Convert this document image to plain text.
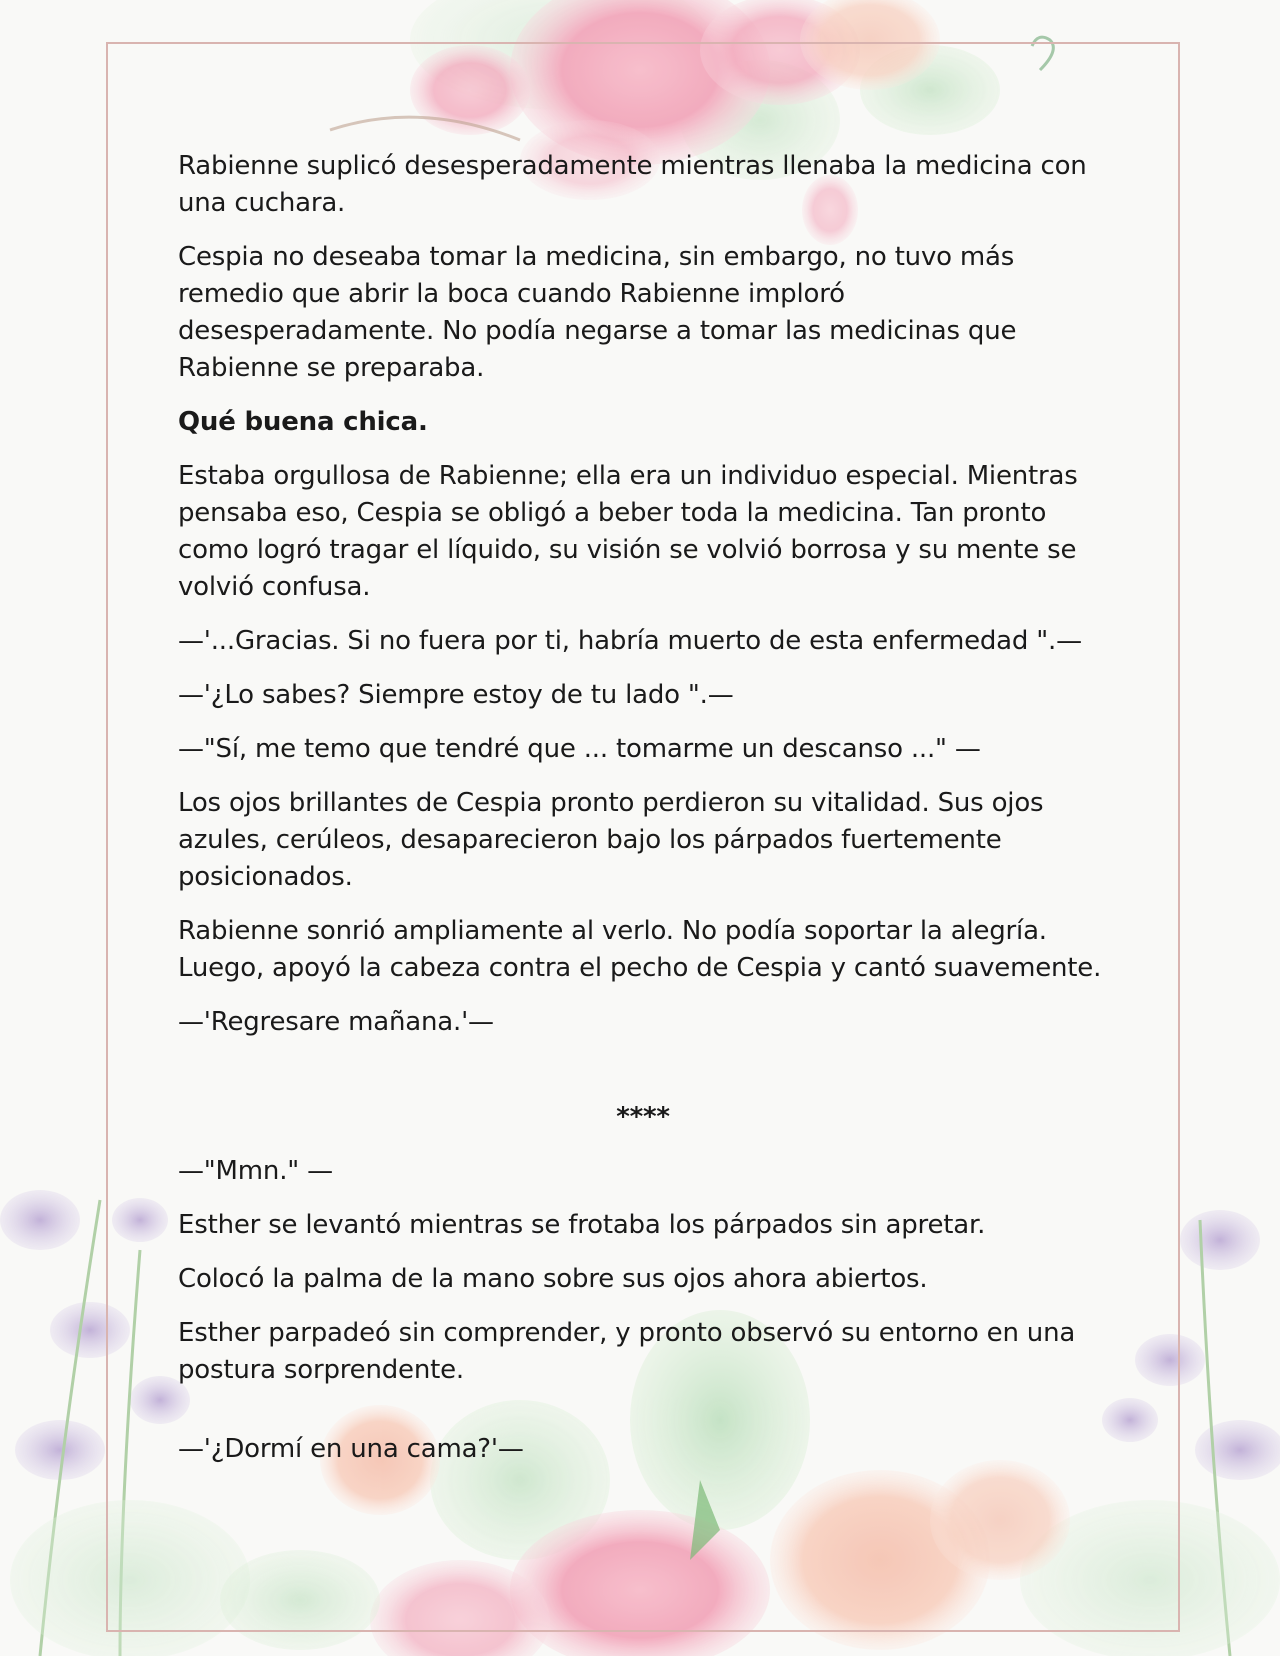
Rabienne suplicó desesperadamente mientras llenaba la medicina con una cuchara.

Cespia no deseaba tomar la medicina, sin embargo, no tuvo más remedio que abrir la boca cuando Rabienne imploró desesperadamente. No podía negarse a tomar las medicinas que Rabienne se preparaba.

Qué buena chica.

Estaba orgullosa de Rabienne; ella era un individuo especial. Mientras pensaba eso, Cespia se obligó a beber toda la medicina. Tan pronto como logró tragar el líquido, su visión se volvió borrosa y su mente se volvió confusa.

—'...Gracias. Si no fuera por ti, habría muerto de esta enfermedad ".—

—'¿Lo sabes? Siempre estoy de tu lado ".—

—"Sí, me temo que tendré que ... tomarme un descanso ..." —

Los ojos brillantes de Cespia pronto perdieron su vitalidad. Sus ojos azules, cerúleos, desaparecieron bajo los párpados fuertemente posicionados.

Rabienne sonrió ampliamente al verlo. No podía soportar la alegría. Luego, apoyó la cabeza contra el pecho de Cespia y cantó suavemente.

—'Regresare mañana.'—

****

—"Mmn." —

Esther se levantó mientras se frotaba los párpados sin apretar.

Colocó la palma de la mano sobre sus ojos ahora abiertos.

Esther parpadeó sin comprender, y pronto observó su entorno en una postura sorprendente.

—'¿Dormí en una cama?'—
